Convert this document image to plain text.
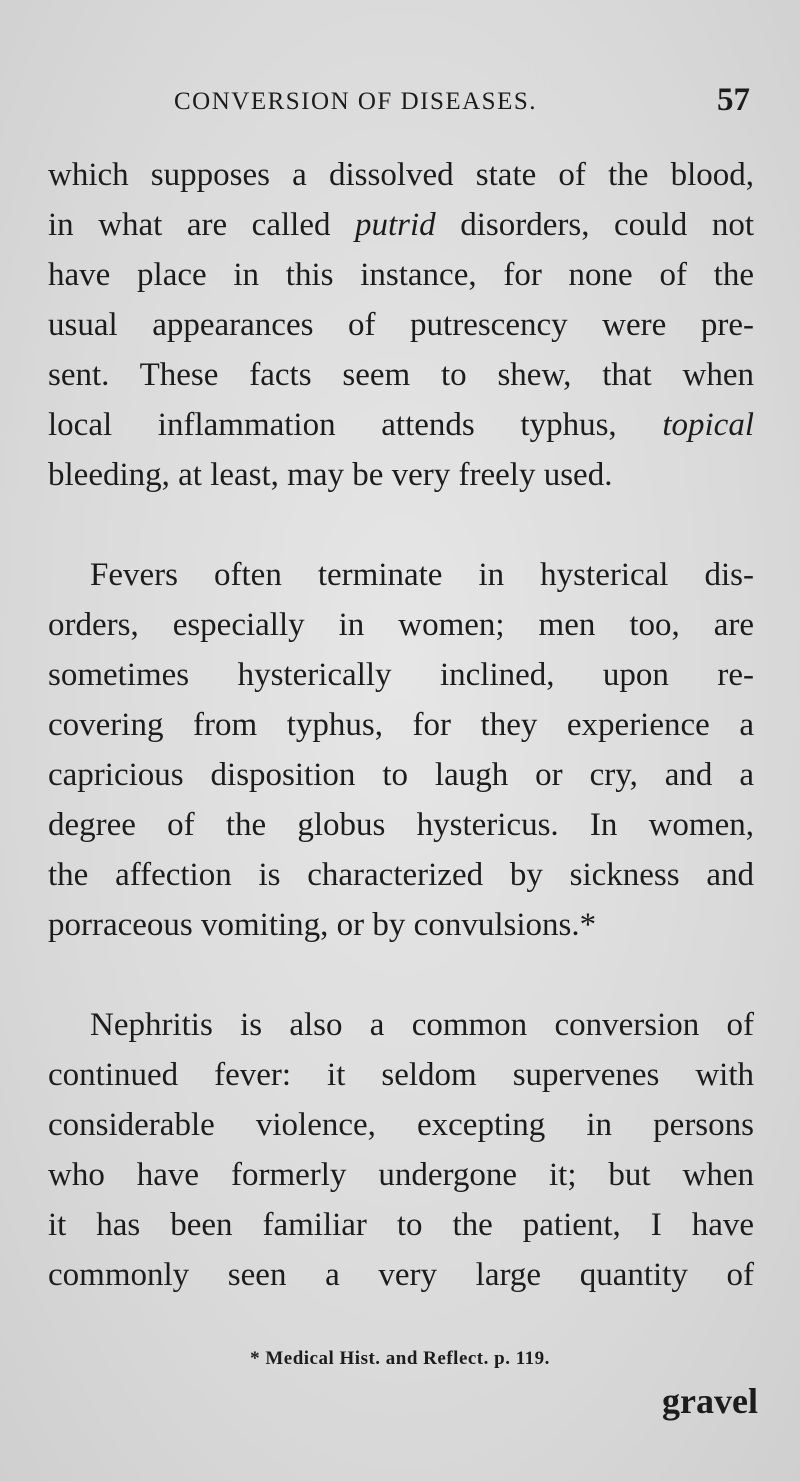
CONVERSION OF DISEASES.	57
which supposes a dissolved state of the blood,
in what are called putrid disorders, could not
have place in this instance, for none of the
usual appearances of putrescency were pre-
sent. These facts seem to shew, that when
local inflammation attends typhus, topical
bleeding, at least, may be very freely used.
Fevers often terminate in hysterical dis-
orders, especially in women; men too, are
sometimes hysterically inclined, upon re-
covering from typhus, for they experience a
capricious disposition to laugh or cry, and a
degree of the globus hystericus. In women,
the affection is characterized by sickness and
porraceous vomiting, or by convulsions.*
Nephritis is also a common conversion of
continued fever: it seldom supervenes with
considerable violence, excepting in persons
who have formerly undergone it; but when
it has been familiar to the patient, I have
commonly seen a very large quantity of
* Medical Hist. and Reflect. p. 119.
gravel
